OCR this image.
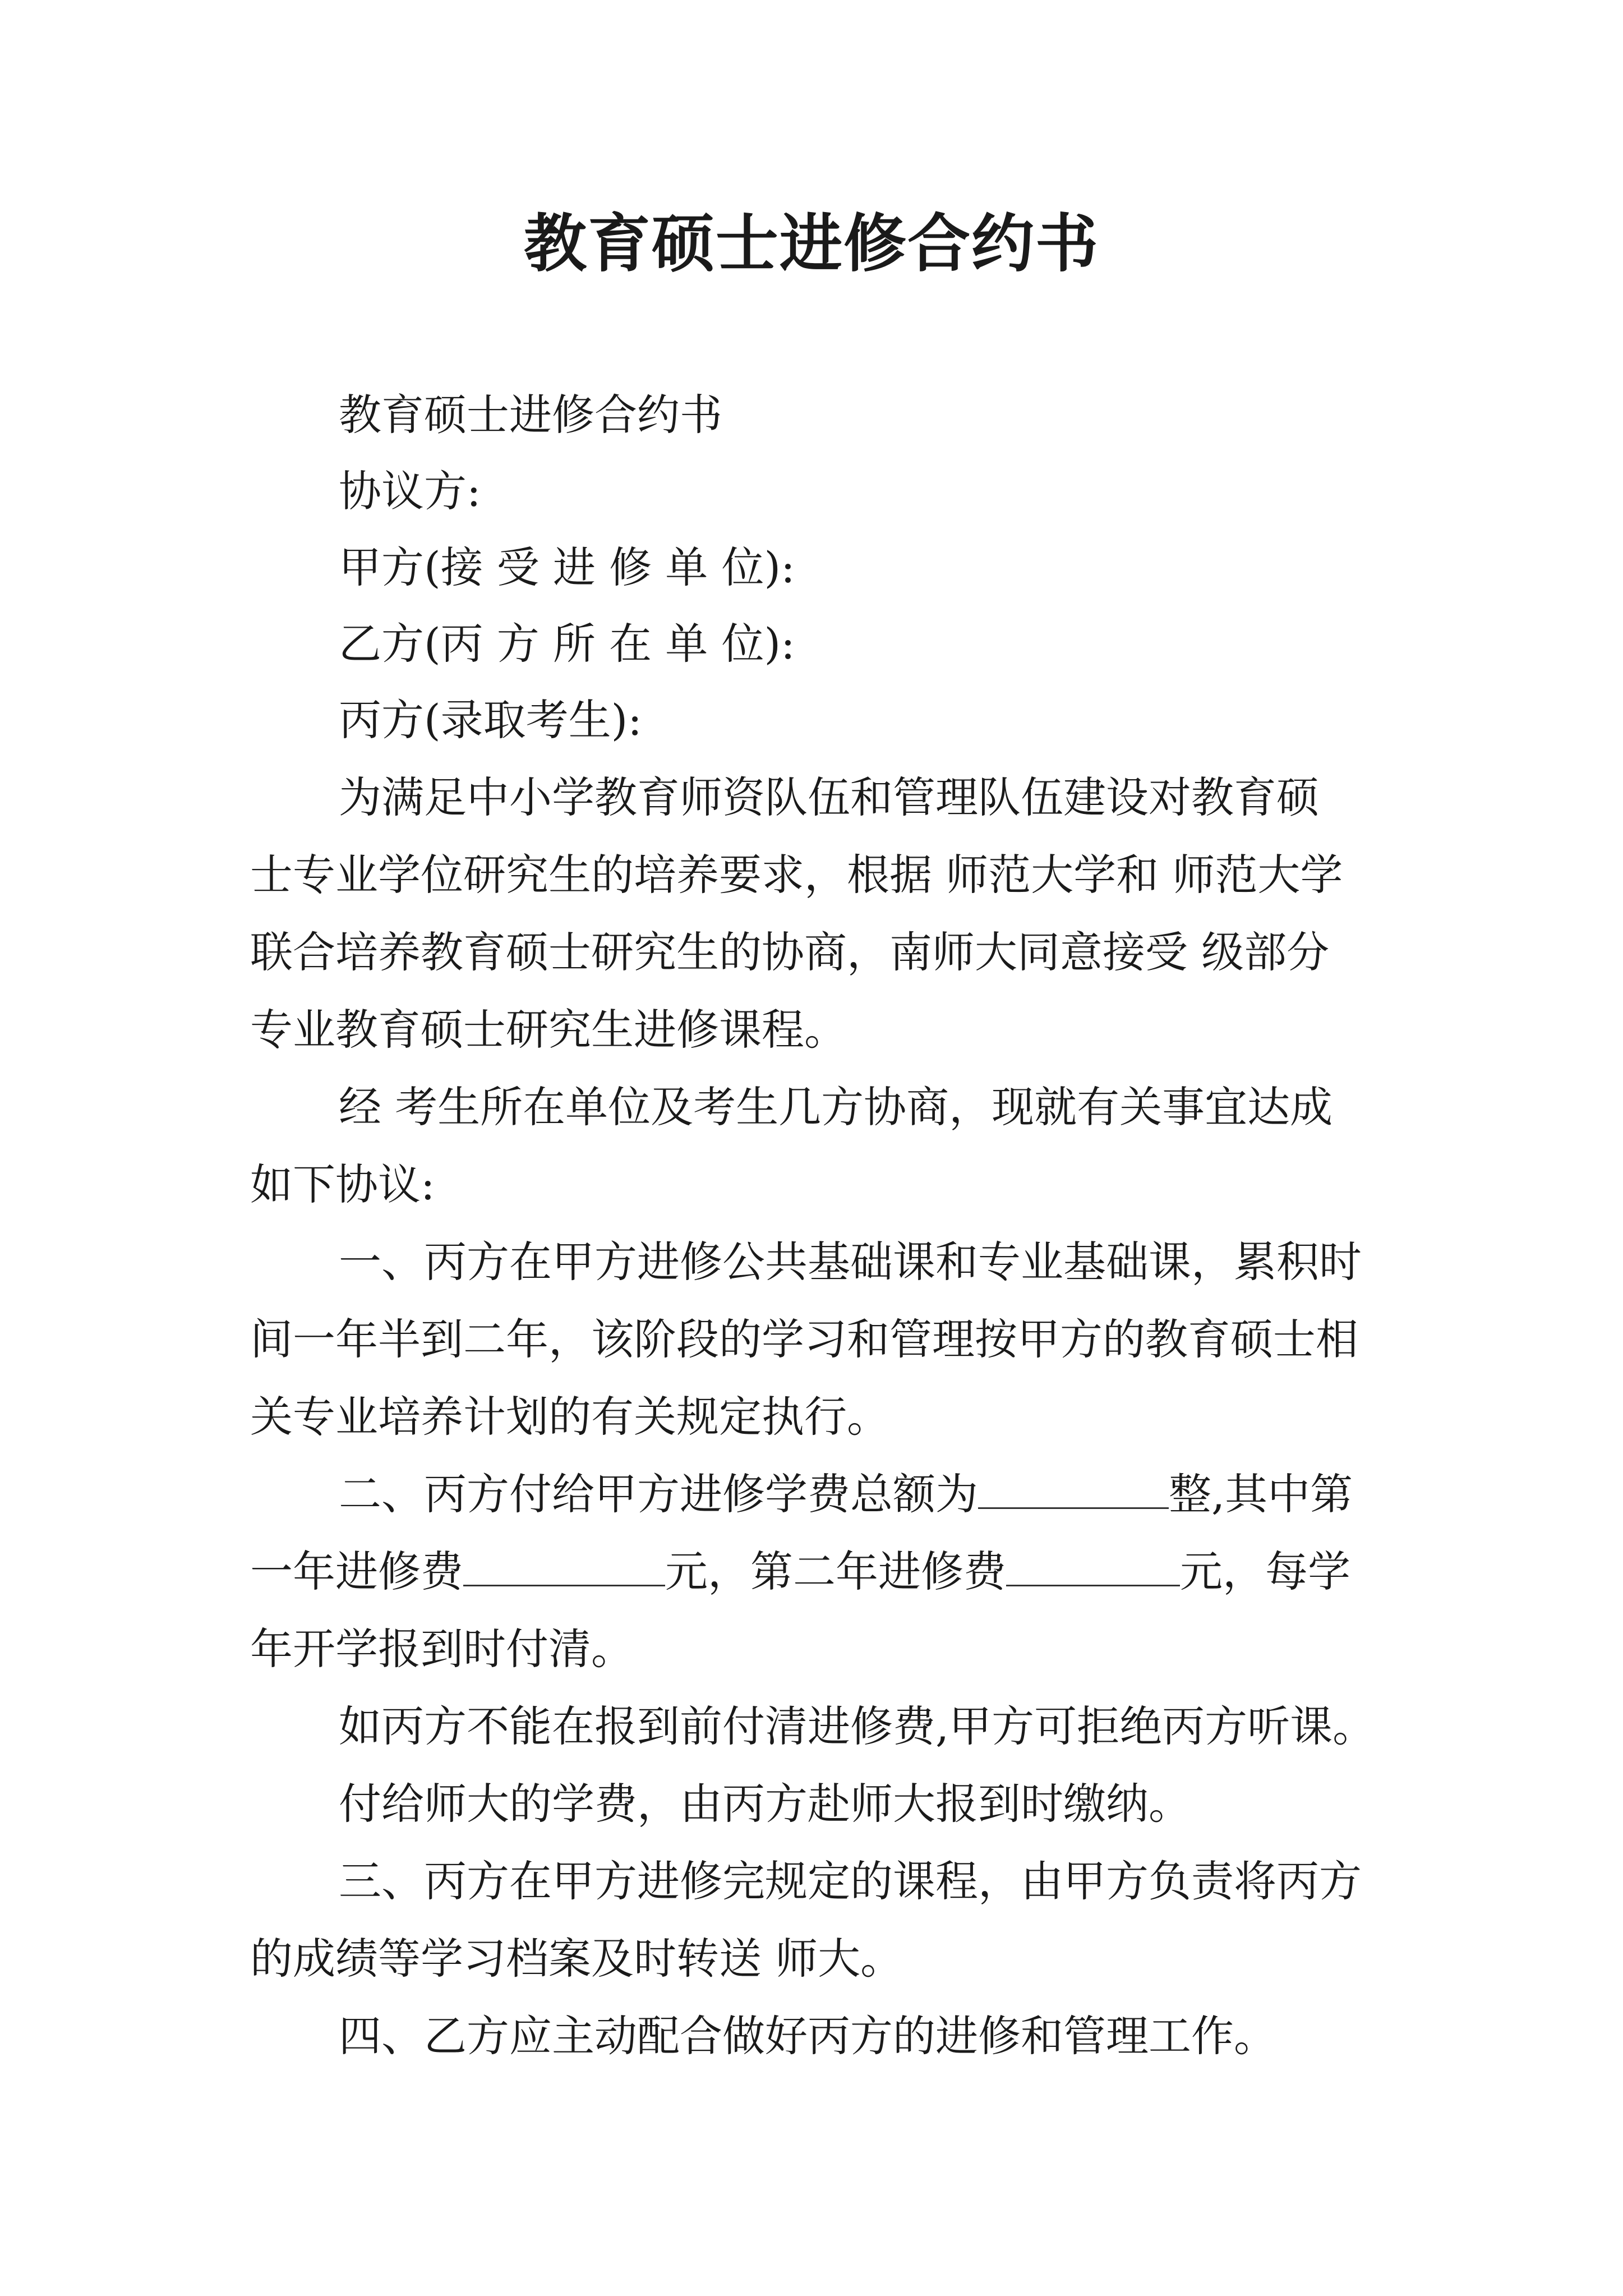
教育硕士进修合约书
教育硕士进修合约书
协议方:
甲方(接 受 进 修 单 位):
乙方(丙 方 所 在 单 位):
丙方(录取考生):
为满足中小学教育师资队伍和管理队伍建设对教育硕
士专业学位研究生的培养要求，根据 师范大学和 师范大学
联合培养教育硕士研究生的协商，南师大同意接受 级部分
专业教育硕士研究生进修课程。
经 考生所在单位及考生几方协商，现就有关事宜达成
如下协议:
一、丙方在甲方进修公共基础课和专业基础课，累积时
间一年半到二年，该阶段的学习和管理按甲方的教育硕士相
关专业培养计划的有关规定执行。
二、丙方付给甲方进修学费总额为	整,其中第
一年进修费	元，第二年进修费	元，每学
年开学报到时付清。
如丙方不能在报到前付清进修费,甲方可拒绝丙方听课。
付给师大的学费，由丙方赴师大报到时缴纳。
三、丙方在甲方进修完规定的课程，由甲方负责将丙方
的成绩等学习档案及时转送 师大。
四、乙方应主动配合做好丙方的进修和管理工作。
